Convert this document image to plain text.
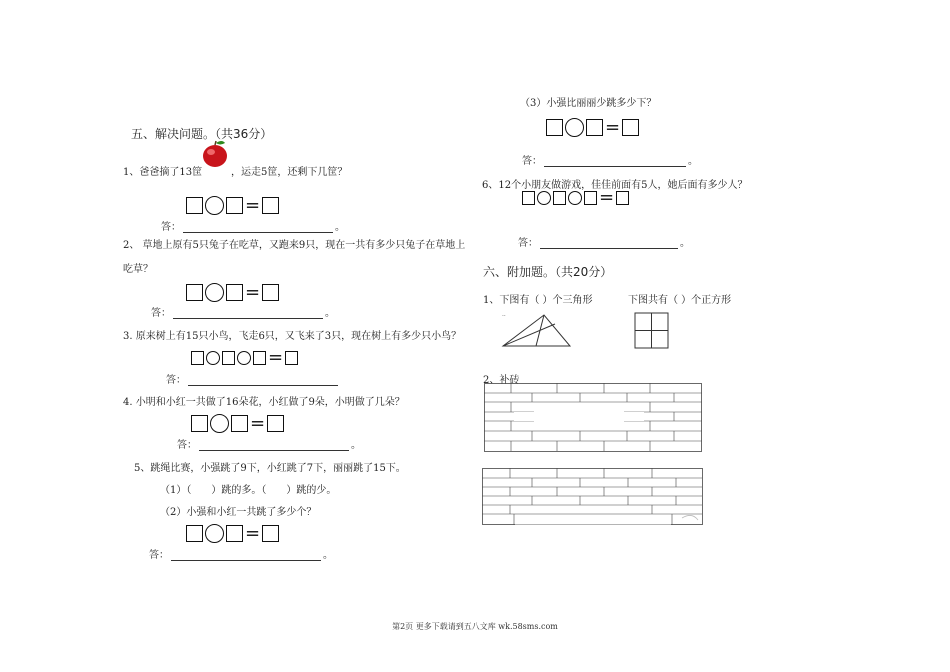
五、解决问题。（共36分）
1、爸爸摘了13筐	，运走5筐，还剩下几筐？
=
答：	。
2、 草地上原有5只兔子在吃草，又跑来9只，现在一共有多少只兔子在草地上
吃草？
=
答：	。
3. 原来树上有15只小鸟，飞走6只，又飞来了3只，现在树上有多少只小鸟？
=
答：
4. 小明和小红一共做了16朵花，小红做了9朵，小明做了几朵？
=
答：	。
5、跳绳比赛，小强跳了9下，小红跳了7下，丽丽跳了15下。
（1）（　　）跳的多。（　　）跳的少。
（2）小强和小红一共跳了多少个？
=
答：	。
（3）小强比丽丽少跳多少下？
=
答：	。
6、12个小朋友做游戏，佳佳前面有5人，她后面有多少人？
=
答：	。
六、附加题。（共20分）
1、下图有（ ）个三角形	下图共有（ ）个正方形
..
2、补砖
第2页 更多下载请到五八文库 wk.58sms.com
